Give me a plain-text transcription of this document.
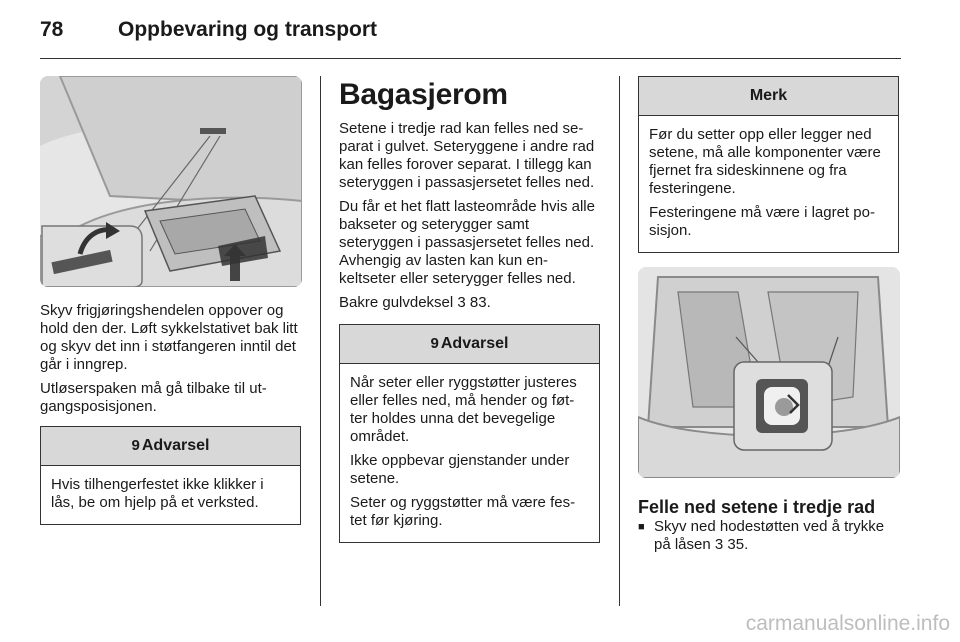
78	Oppbevaring og transport

Skyv frigjøringshendelen oppover og hold den der. Løft sykkelstativet bak litt og skyv det inn i støtfangeren inntil det går i inngrep.

Utløserspaken må gå tilbake til ut-gangsposisjonen.

9 Advarsel

Hvis tilhengerfestet ikke klikker i lås, be om hjelp på et verksted.

Bagasjerom

Setene i tredje rad kan felles ned se-parat i gulvet. Seteryggene i andre rad kan felles forover separat. I tillegg kan seteryggen i passasjersetet felles ned.

Du får et het flatt lasteområde hvis alle bakseter og seterygger samt seteryggen i passasjersetet felles ned. Avhengig av lasten kan kun en-keltseter eller seterygger felles ned.

Bakre gulvdeksel 3 83.

9 Advarsel

Når seter eller ryggstøtter justeres eller felles ned, må hender og føt-ter holdes unna det bevegelige området.

Ikke oppbevar gjenstander under setene.

Seter og ryggstøtter må være fes-tet før kjøring.

Merk

Før du setter opp eller legger ned setene, må alle komponenter være fjernet fra sideskinnene og fra festeringene.

Festeringene må være i lagret po-sisjon.

Felle ned setene i tredje rad
■ Skyv ned hodestøtten ved å trykke på låsen 3 35.
carmanualsonline.info
